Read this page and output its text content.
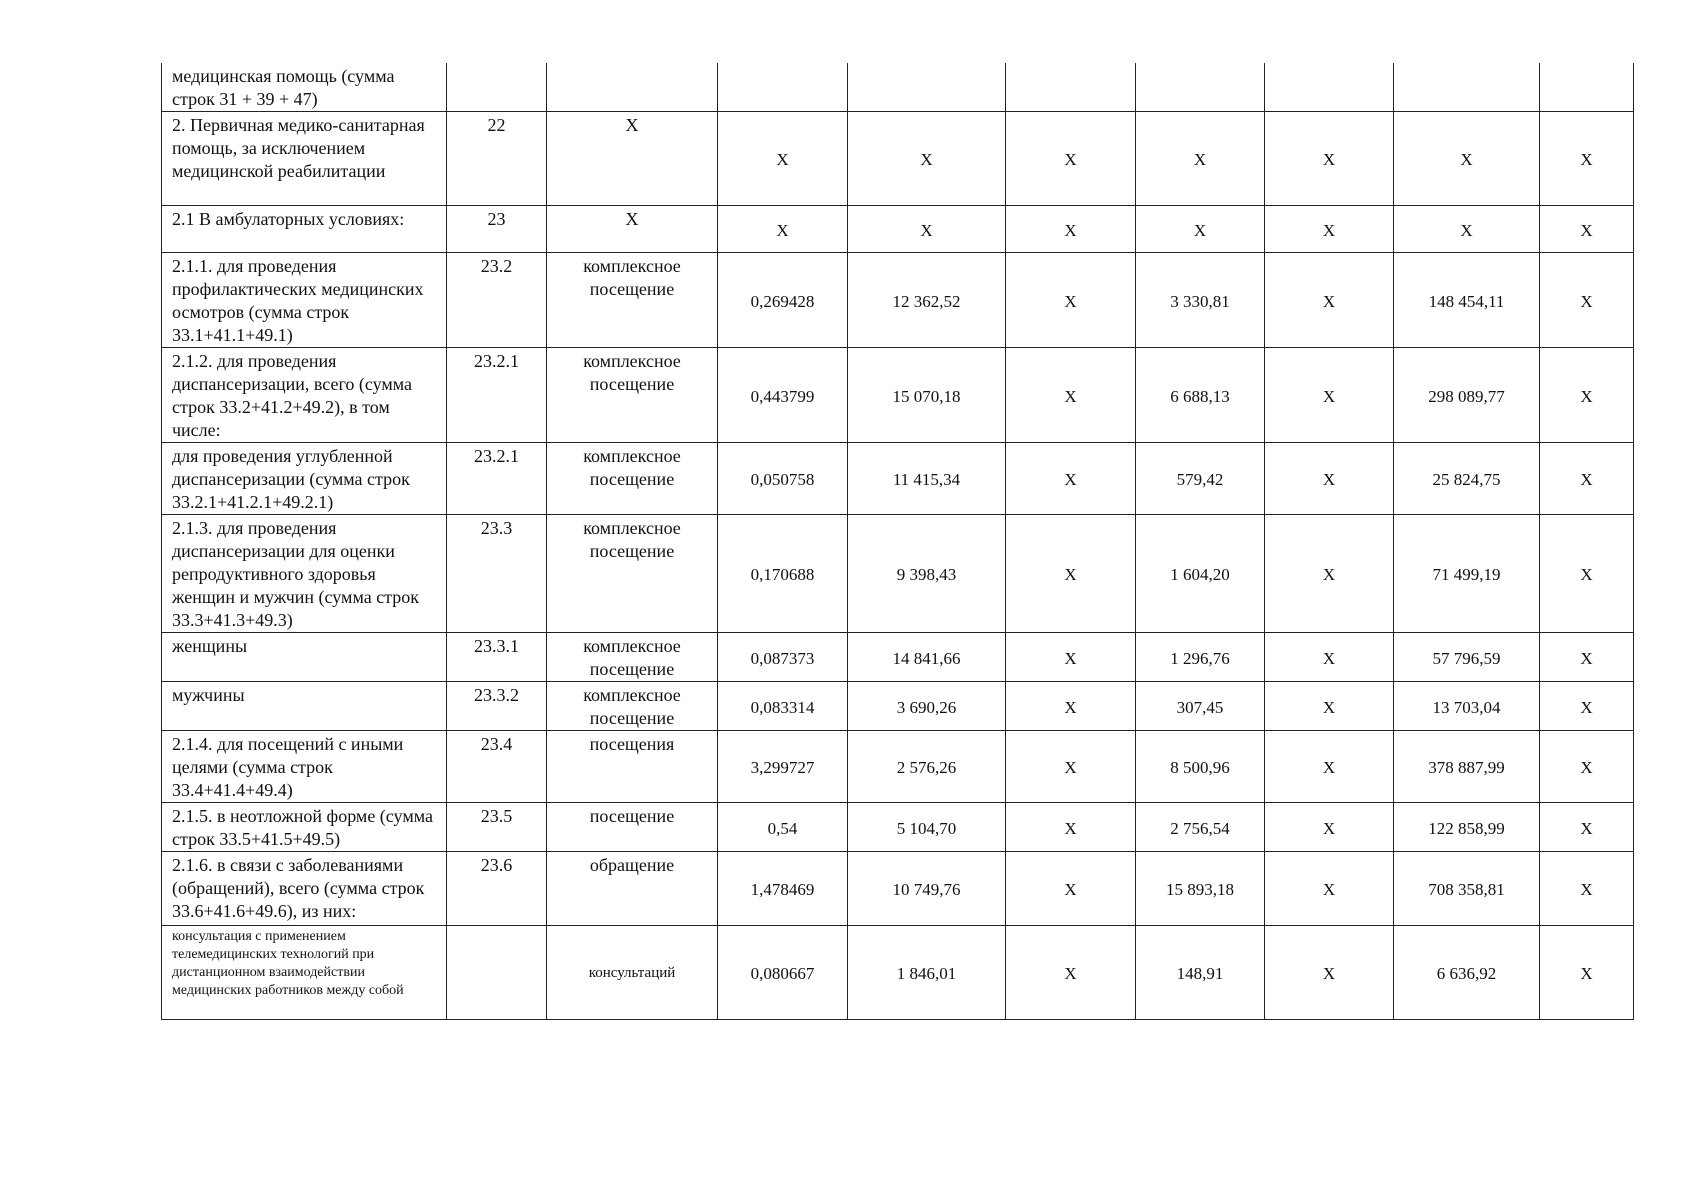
медицинская помощь (сумма строк 31 + 39 + 47)									
2. Первичная медико-санитарная помощь, за исключением медицинской реабилитации	22	X	X	X	X	X	X	X	X
2.1 В амбулаторных условиях:	23	X	X	X	X	X	X	X	X
2.1.1. для проведения профилактических медицинских осмотров (сумма строк 33.1+41.1+49.1)	23.2	комплексное посещение	0,269428	12 362,52	X	3 330,81	X	148 454,11	X
2.1.2. для проведения диспансеризации, всего (сумма строк 33.2+41.2+49.2), в том числе:	23.2.1	комплексное посещение	0,443799	15 070,18	X	6 688,13	X	298 089,77	X
для проведения углубленной диспансеризации (сумма строк 33.2.1+41.2.1+49.2.1)	23.2.1	комплексное посещение	0,050758	11 415,34	X	579,42	X	25 824,75	X
2.1.3. для проведения диспансеризации для оценки репродуктивного здоровья женщин и мужчин (сумма строк 33.3+41.3+49.3)	23.3	комплексное посещение	0,170688	9 398,43	X	1 604,20	X	71 499,19	X
женщины	23.3.1	комплексное посещение	0,087373	14 841,66	X	1 296,76	X	57 796,59	X
мужчины	23.3.2	комплексное посещение	0,083314	3 690,26	X	307,45	X	13 703,04	X
2.1.4. для посещений с иными целями (сумма строк 33.4+41.4+49.4)	23.4	посещения	3,299727	2 576,26	X	8 500,96	X	378 887,99	X
2.1.5. в неотложной форме (сумма строк 33.5+41.5+49.5)	23.5	посещение	0,54	5 104,70	X	2 756,54	X	122 858,99	X
2.1.6. в связи с заболеваниями (обращений), всего (сумма строк 33.6+41.6+49.6), из них:	23.6	обращение	1,478469	10 749,76	X	15 893,18	X	708 358,81	X
консультация с применением телемедицинских технологий при дистанционном взаимодействии медицинских работников между собой		консультаций	0,080667	1 846,01	X	148,91	X	6 636,92	X
